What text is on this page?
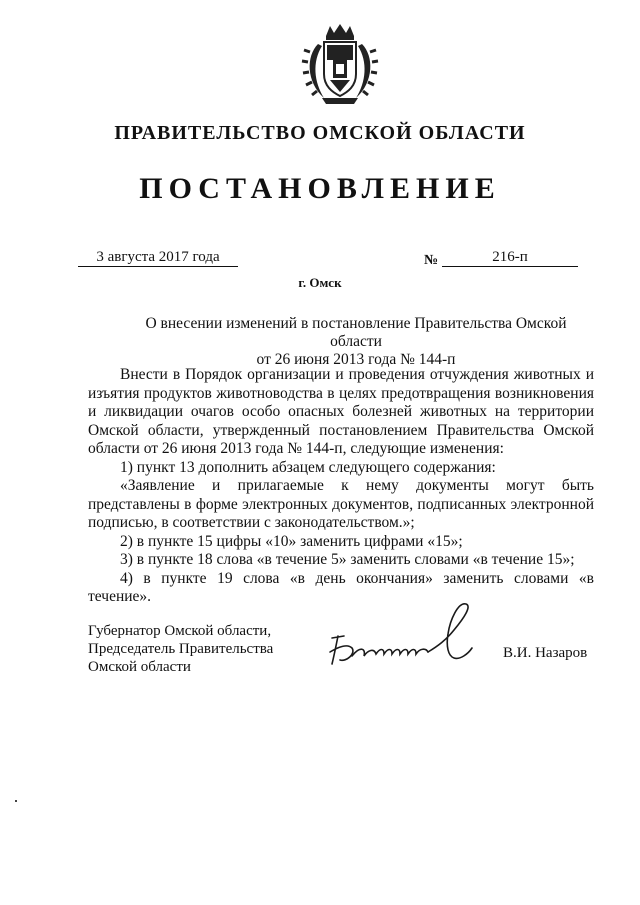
ПРАВИТЕЛЬСТВО ОМСКОЙ ОБЛАСТИ
ПОСТАНОВЛЕНИЕ
3 августа 2017 года	№	216-п
г. Омск
О внесении изменений в постановление Правительства Омской области
от 26 июня 2013 года № 144-п

Внести в Порядок организации и проведения отчуждения животных и изъятия продуктов животноводства в целях предотвращения возникновения и ликвидации очагов особо опасных болезней животных на территории Омской области, утвержденный постановлением Правительства Омской области от 26 июня 2013 года № 144-п, следующие изменения:

1) пункт 13 дополнить абзацем следующего содержания:

«Заявление и прилагаемые к нему документы могут быть представлены в форме электронных документов, подписанных электронной подписью, в соответствии с законодательством.»;

2) в пункте 15 цифры «10» заменить цифрами «15»;

3) в пункте 18 слова «в течение 5» заменить словами «в течение 15»;

4) в пункте 19 слова «в день окончания» заменить словами «в течение».

Губернатор Омской области,
Председатель Правительства
Омской области
В.И. Назаров
